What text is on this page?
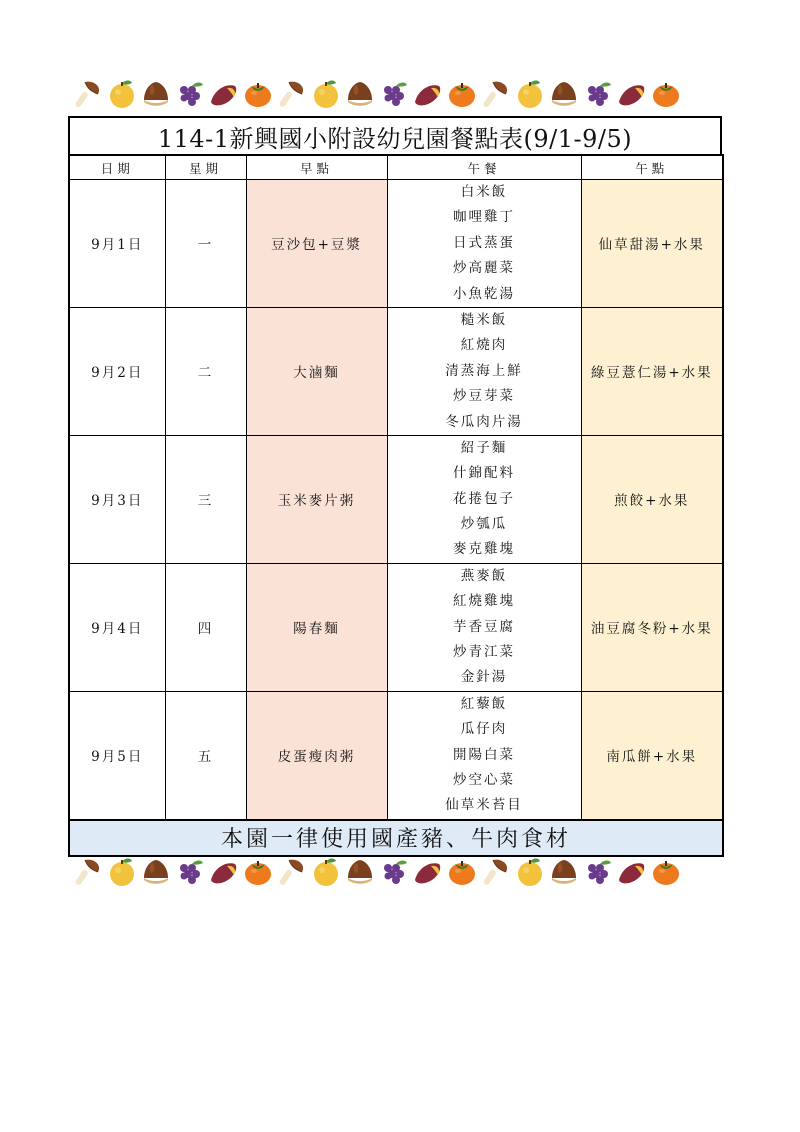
114-1新興國小附設幼兒園餐點表(9/1-9/5)
日期	星期	早點	午餐	午點
9月1日	一	豆沙包+豆漿	白米飯
咖哩雞丁
日式蒸蛋
炒高麗菜
小魚乾湯	仙草甜湯+水果
9月2日	二	大滷麵	糙米飯
紅燒肉
清蒸海上鮮
炒豆芽菜
冬瓜肉片湯	綠豆薏仁湯+水果
9月3日	三	玉米麥片粥	紹子麵
什錦配料
花捲包子
炒瓠瓜
麥克雞塊	煎餃+水果
9月4日	四	陽春麵	燕麥飯
紅燒雞塊
芋香豆腐
炒青江菜
金針湯	油豆腐冬粉+水果
9月5日	五	皮蛋瘦肉粥	紅藜飯
瓜仔肉
開陽白菜
炒空心菜
仙草米苔目	南瓜餅+水果
本園一律使用國產豬、牛肉食材				
